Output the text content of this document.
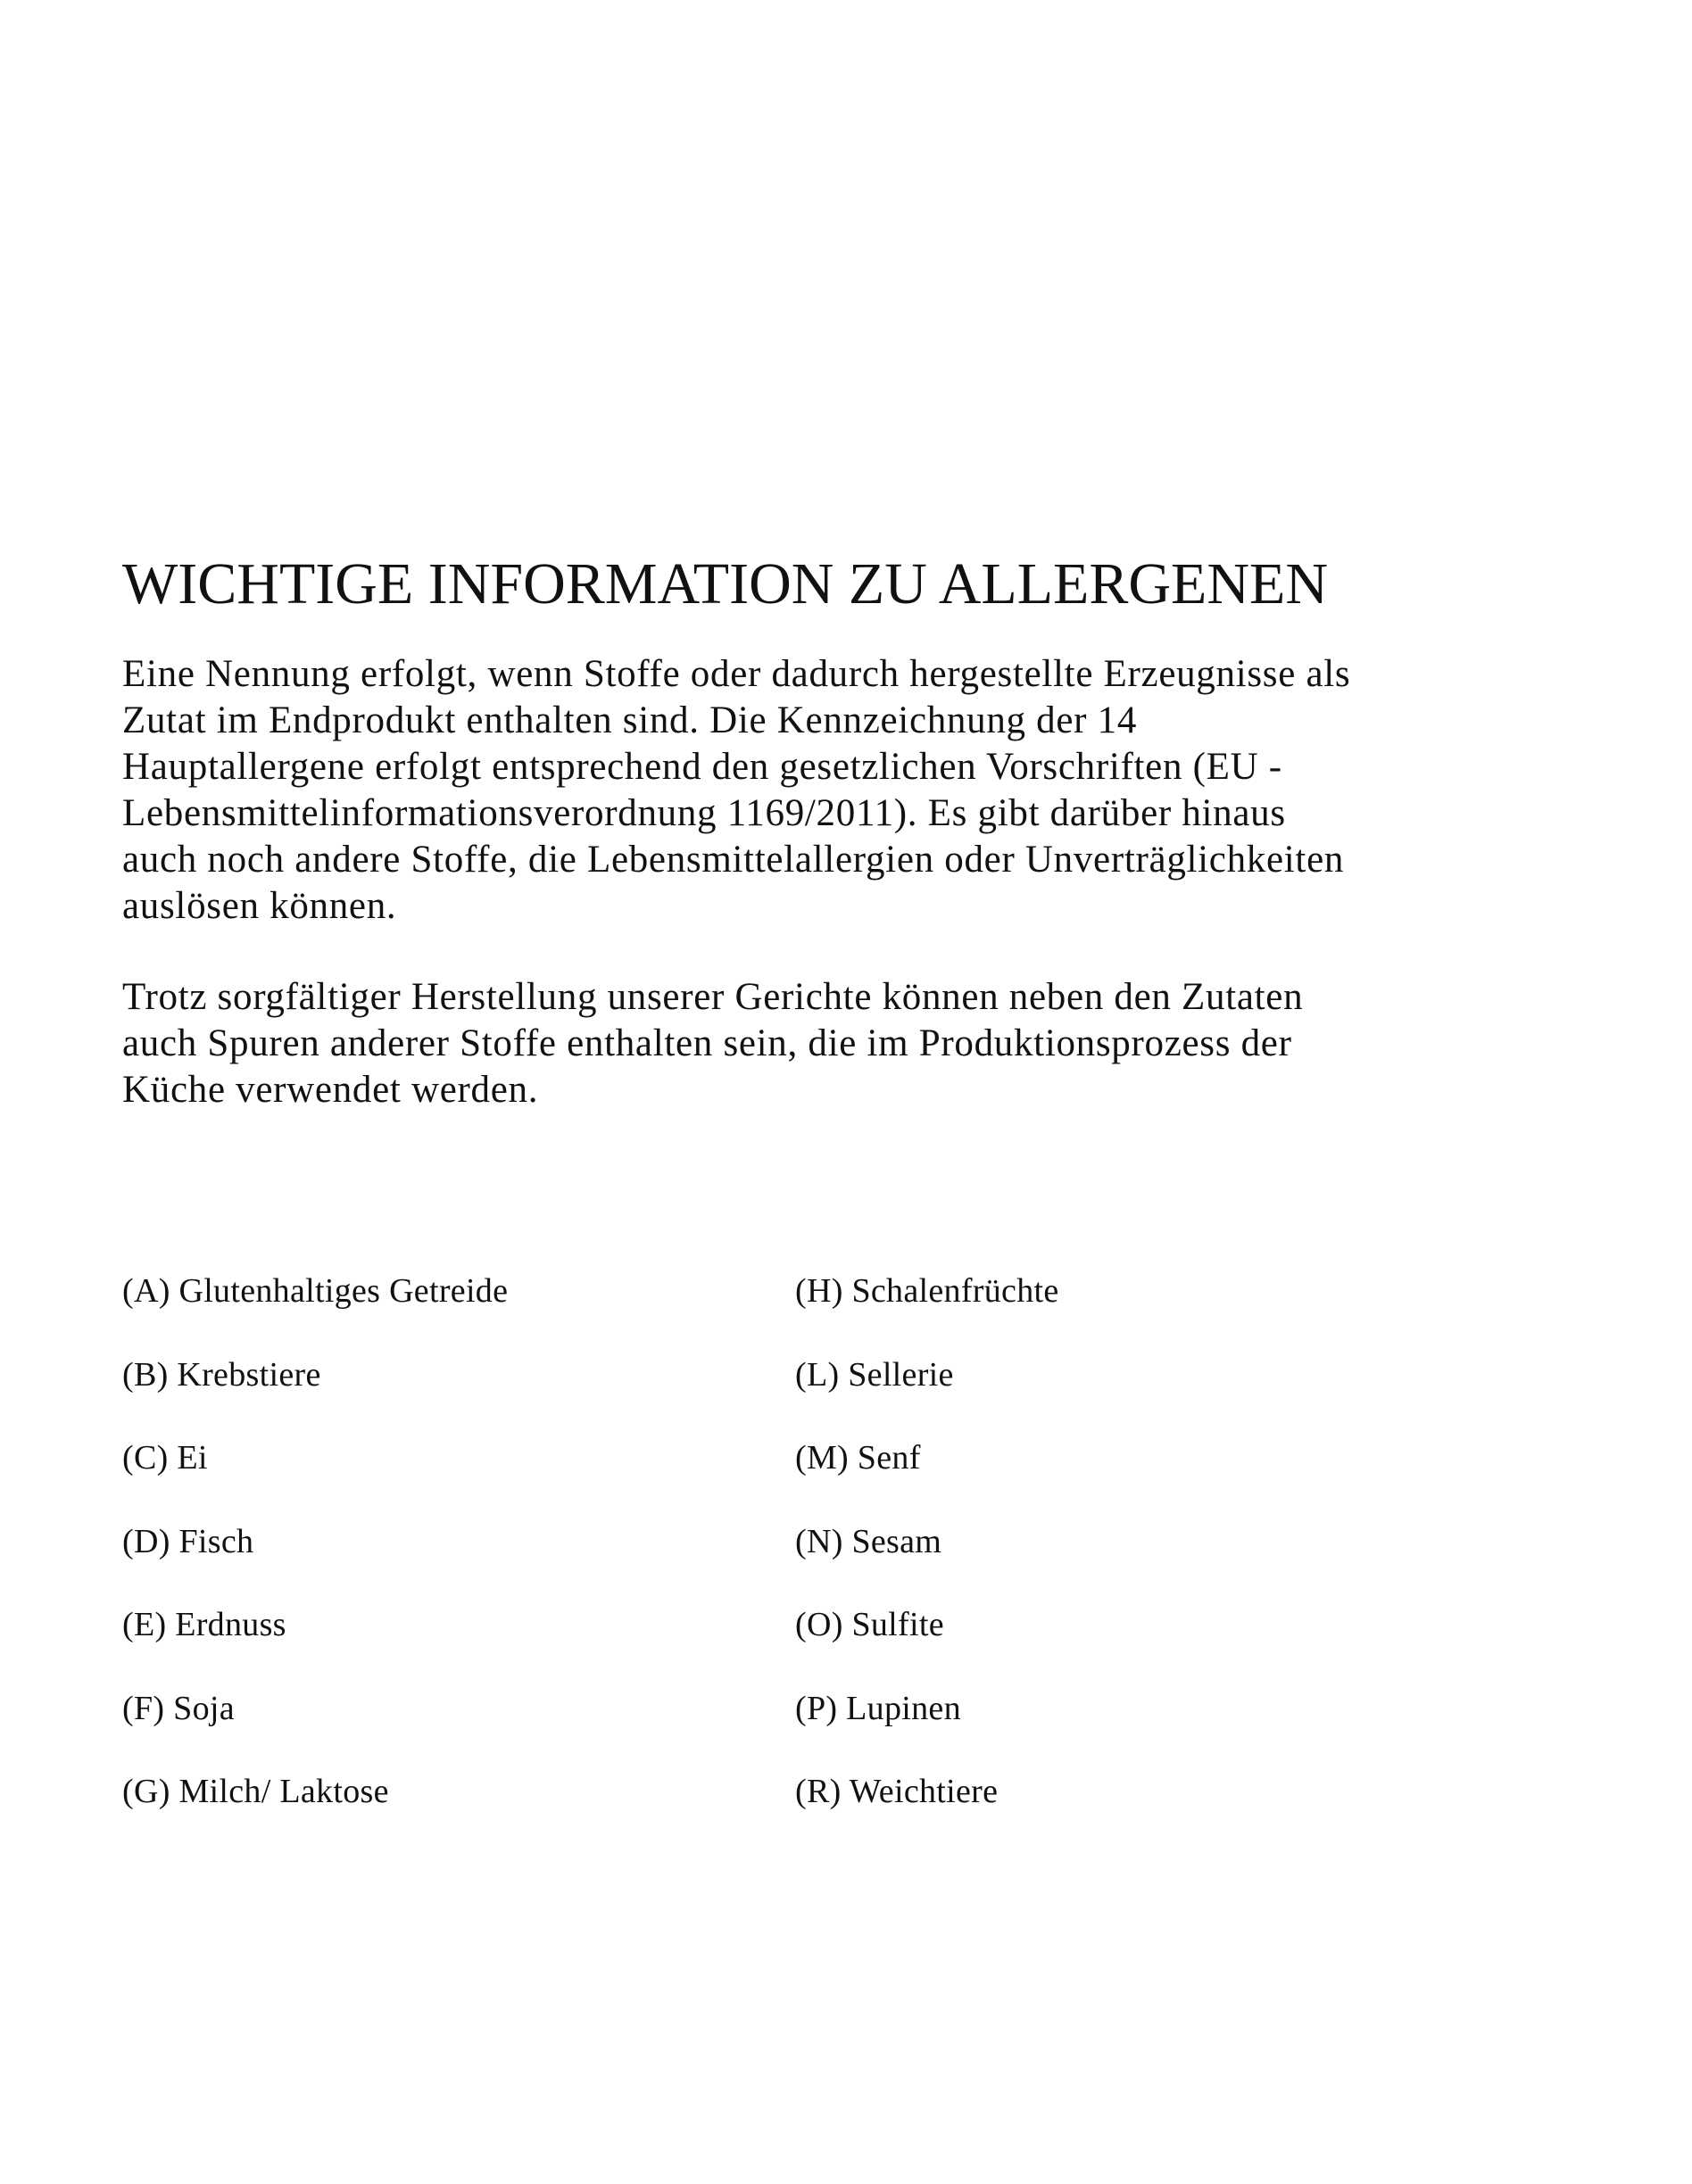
WICHTIGE INFORMATION ZU ALLERGENEN

Eine Nennung erfolgt, wenn Stoffe oder dadurch hergestellte Erzeugnisse als
Zutat im Endprodukt enthalten sind. Die Kennzeichnung der 14
Hauptallergene erfolgt entsprechend den gesetzlichen Vorschriften (EU -
Lebensmittelinformationsverordnung 1169/2011). Es gibt darüber hinaus
auch noch andere Stoffe, die Lebensmittelallergien oder Unverträglichkeiten
auslösen können.

Trotz sorgfältiger Herstellung unserer Gerichte können neben den Zutaten
auch Spuren anderer Stoffe enthalten sein, die im Produktionsprozess der
Küche verwendet werden.

(A) Glutenhaltiges Getreide
(B) Krebstiere
(C) Ei
(D) Fisch
(E) Erdnuss
(F) Soja
(G) Milch/ Laktose
(H) Schalenfrüchte
(L) Sellerie
(M) Senf
(N) Sesam
(O) Sulfite
(P) Lupinen
(R) Weichtiere
